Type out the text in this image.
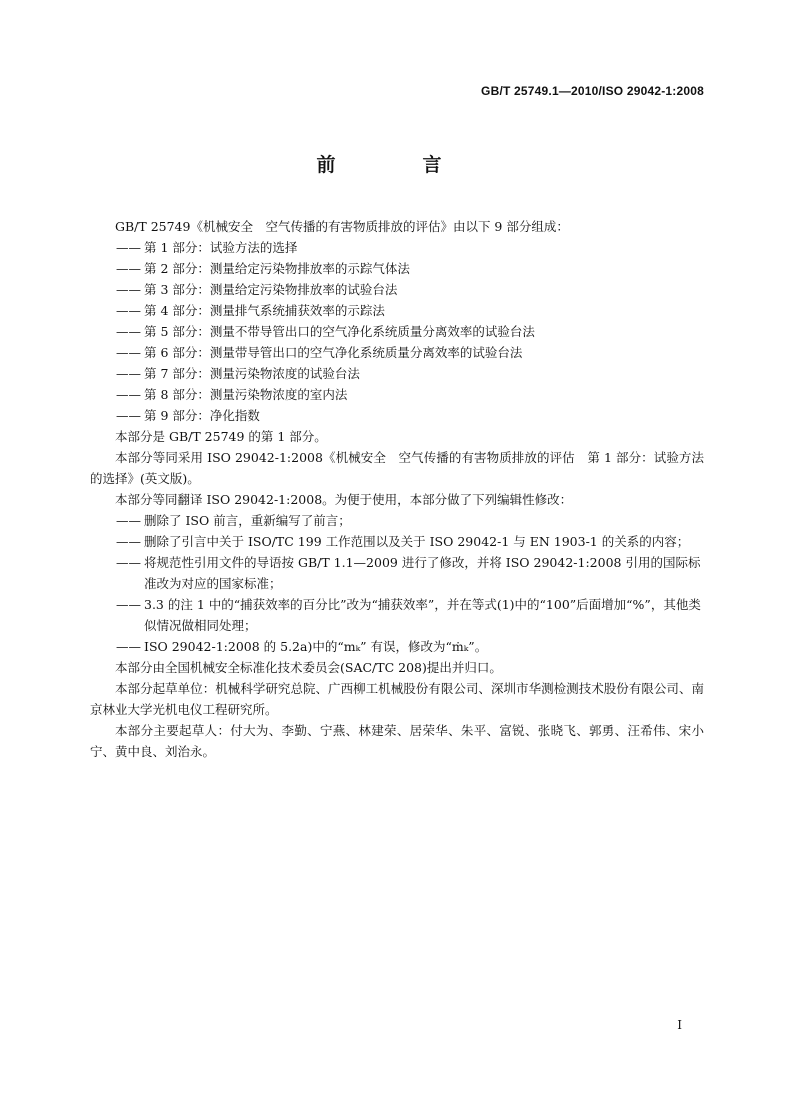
GB/T 25749.1—2010/ISO 29042-1:2008
前　言

GB/T 25749《机械安全　空气传播的有害物质排放的评估》由以下 9 部分组成：

—— 第 1 部分：试验方法的选择

—— 第 2 部分：测量给定污染物排放率的示踪气体法

—— 第 3 部分：测量给定污染物排放率的试验台法

—— 第 4 部分：测量排气系统捕获效率的示踪法

—— 第 5 部分：测量不带导管出口的空气净化系统质量分离效率的试验台法

—— 第 6 部分：测量带导管出口的空气净化系统质量分离效率的试验台法

—— 第 7 部分：测量污染物浓度的试验台法

—— 第 8 部分：测量污染物浓度的室内法

—— 第 9 部分：净化指数

本部分是 GB/T 25749 的第 1 部分。

本部分等同采用 ISO 29042-1:2008《机械安全　空气传播的有害物质排放的评估　第 1 部分：试验方法的选择》(英文版)。

本部分等同翻译 ISO 29042-1:2008。为便于使用，本部分做了下列编辑性修改：

—— 删除了 ISO 前言，重新编写了前言；

—— 删除了引言中关于 ISO/TC 199 工作范围以及关于 ISO 29042-1 与 EN 1903-1 的关系的内容；

—— 将规范性引用文件的导语按 GB/T 1.1—2009 进行了修改，并将 ISO 29042-1:2008 引用的国际标准改为对应的国家标准；

—— 3.3 的注 1 中的“捕获效率的百分比”改为“捕获效率”，并在等式(1)中的“100”后面增加“%”，其他类似情况做相同处理；

—— ISO 29042-1:2008 的 5.2a)中的“mₖ” 有误，修改为“ṁₖ”。

本部分由全国机械安全标准化技术委员会(SAC/TC 208)提出并归口。

本部分起草单位：机械科学研究总院、广西柳工机械股份有限公司、深圳市华测检测技术股份有限公司、南京林业大学光机电仪工程研究所。

本部分主要起草人：付大为、李勤、宁燕、林建荣、居荣华、朱平、富锐、张晓飞、郭勇、汪希伟、宋小宁、黄中良、刘治永。

I
